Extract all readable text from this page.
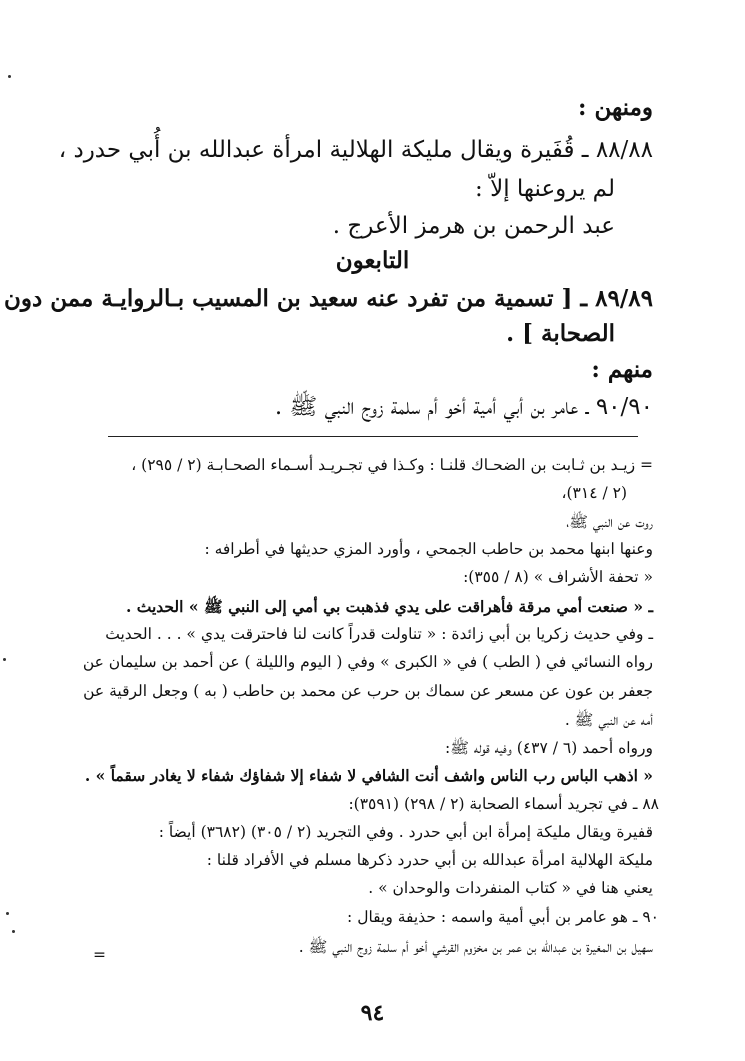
ومنهن :
٨٨/٨٨ ـ قُفَيرة ويقال مليكة الهلالية امرأة عبدالله بن أُبي حدرد ،
لم يروعنها إلاّ :
عبد الرحمن بن هرمز الأعرج .
التابعون
٨٩/٨٩ ـ [ تسمية من تفرد عنه سعيد بن المسيب بـالروايـة ممن دون
الصحابة ] .
منهم :
٩٠/٩٠ ـ عامر بن أبي أمية أخو أم سلمة زوج النبي ﷺ .
= زيـد بن ثـابت بن الضحـاك قلنـا : وكـذا في تجـريـد أسـماء الصحـابـة (٢ / ٢٩٥) ،
(٢ / ٣١٤)،
روت عن النبي ﷺ،
وعنها ابنها محمد بن حاطب الجمحي ، وأورد المزي حديثها في أطرافه :
« تحفة الأشراف » (٨ / ٣٥٥):
ـ « صنعت أمي مرقة فأهراقت على يدي فذهبت بي أمي إلى النبي ﷺ » الحديث .
ـ وفي حديث زكريا بن أبي زائدة : « تناولت قدراً كانت لنا فاحترقت يدي » . . . الحديث
رواه النسائي في ( الطب ) في « الكبرى » وفي ( اليوم والليلة ) عن أحمد بن سليمان عن
جعفر بن عون عن مسعر عن سماك بن حرب عن محمد بن حاطب ( به ) وجعل الرقية عن
أمه عن النبي ﷺ .
ورواه أحمد (٦ / ٤٣٧) وفيه قوله ﷺ:
« اذهب الباس رب الناس واشف أنت الشافي لا شفاء إلا شفاؤك شفاء لا يغادر سقماً » .
٨٨ ـ في تجريد أسماء الصحابة (٢ / ٢٩٨) (٣٥٩١):
قفيرة ويقال مليكة إمرأة ابن أبي حدرد . وفي التجريد (٢ / ٣٠٥) (٣٦٨٢) أيضاً :
مليكة الهلالية امرأة عبدالله بن أبي حدرد ذكرها مسلم في الأفراد قلنا :
يعني هنا في « كتاب المنفردات والوحدان » .
٩٠ ـ هو عامر بن أبي أمية واسمه : حذيفة ويقال :
سهيل بن المغيرة بن عبدالله بن عمر بن مخزوم القرشي أخو أم سلمة زوج النبي ﷺ .
=
٩٤
